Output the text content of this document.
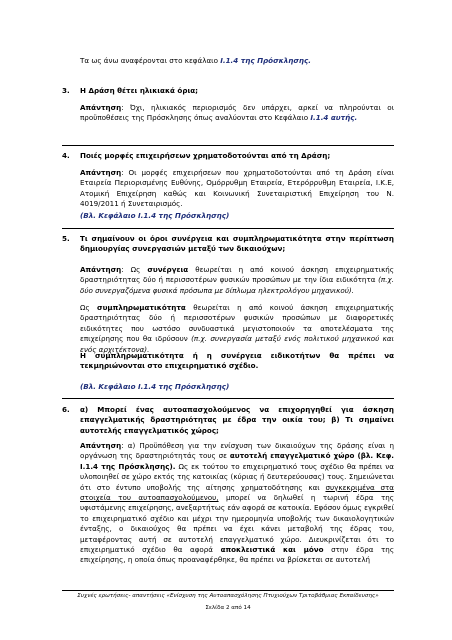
Τα ως άνω αναφέρονται στο κεφάλαιο Ι.1.4 της Πρόσκλησης.

3. Η Δράση θέτει ηλικιακά όρια;

Απάντηση: Όχι, ηλικιακός περιορισμός δεν υπάρχει, αρκεί να πληρούνται οι προϋποθέσεις της Πρόσκλησης όπως αναλύονται στο Κεφάλαιο Ι.1.4 αυτής.

4. Ποιές μορφές επιχειρήσεων χρηματοδοτούνται από τη Δράση;

Απάντηση: Οι μορφές επιχειρήσεων που χρηματοδοτούνται από τη Δράση είναι Εταιρεία Περιορισμένης Ευθύνης, Ομόρρυθμη Εταιρεία, Ετερόρρυθμη Εταιρεία, Ι.Κ.Ε, Ατομική Επιχείρηση καθώς και Κοινωνική Συνεταιριστική Επιχείρηση του Ν. 4019/2011 ή Συνεταιρισμός.

(Βλ. Κεφάλαιο Ι.1.4 της Πρόσκλησης)

5.	Τι σημαίνουν οι όροι συνέργεια και συμπληρωματικότητα στην περίπτωση δημιουργίας συνεργασιών μεταξύ των δικαιούχων;

Απάντηση: Ως συνέργεια θεωρείται η από κοινού άσκηση επιχειρηματικής δραστηριότητας δύο ή περισσοτέρων φυσικών προσώπων με την ίδια ειδικότητα (π.χ. δύο συνεργαζόμενα φυσικά πρόσωπα με δίπλωμα ηλεκτρολόγου μηχανικού).

Ως συμπληρωματικότητα θεωρείται η από κοινού άσκηση επιχειρηματικής δραστηριότητας δύο ή περισσοτέρων φυσικών προσώπων με διαφορετικές ειδικότητες που ωστόσο συνδυαστικά μεγιστοποιούν τα αποτελέσματα της επιχείρησης που θα ιδρύσουν (π.χ. συνεργασία μεταξύ ενός πολιτικού μηχανικού και ενός αρχιτέκτονα).

Η συμπληρωματικότητα ή η συνέργεια ειδικοτήτων θα πρέπει να τεκμηριώνονται στο επιχειρηματικό σχέδιο.

(Βλ. Κεφάλαιο Ι.1.4 της Πρόσκλησης)

6.	α) Μπορεί ένας αυτοαπασχολούμενος να επιχορηγηθεί για άσκηση επαγγελματικής δραστηριότητας με έδρα την οικία του; β) Τι σημαίνει αυτοτελής επαγγελματικός χώρος;

Απάντηση: α) Προϋπόθεση για την ενίσχυση των δικαιούχων της δράσης είναι η οργάνωση της δραστηριότητάς τους σε αυτοτελή επαγγελματικό χώρο (βλ. Κεφ. Ι.1.4 της Πρόσκλησης). Ως εκ τούτου το επιχειρηματικό τους σχέδιο θα πρέπει να υλοποιηθεί σε χώρο εκτός της κατοικίας (κύριας ή δευτερεύουσας) τους. Σημειώνεται ότι στο έντυπο υποβολής της αίτησης χρηματοδότησης και συγκεκριμένα στα στοιχεία του αυτοαπασχολούμενου, μπορεί να δηλωθεί η τωρινή έδρα της υφιστάμενης επιχείρησης, ανεξαρτήτως εάν αφορά σε κατοικία. Εφόσον όμως εγκριθεί το επιχειρηματικό σχέδιο και μέχρι την ημερομηνία υποβολής των δικαιολογητικών ένταξης, ο δικαιούχος θα πρέπει να έχει κάνει μεταβολή της έδρας του, μεταφέροντας αυτή σε αυτοτελή επαγγελματικό χώρο. Διευκρινίζεται ότι το επιχειρηματικό σχέδιο θα αφορά αποκλειστικά και μόνο στην έδρα της επιχείρησης, η οποία όπως προαναφέρθηκε, θα πρέπει να βρίσκεται σε αυτοτελή

Συχνές ερωτήσεις- απαντήσεις «Ενίσχυση της Αυτοαπασχόλησης Πτυχιούχων Τριτοβάθμιας Εκπαίδευσης»
Σελίδα 2 από 14
